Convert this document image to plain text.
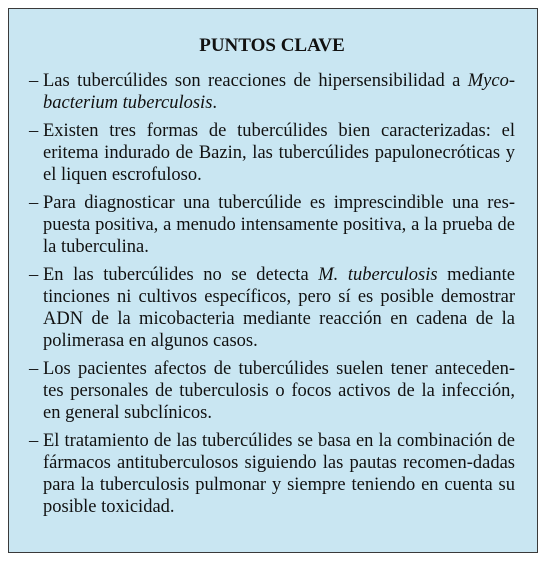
PUNTOS CLAVE
– Las tubercúlides son reacciones de hipersensibilidad a Myco-bacterium tuberculosis.
– Existen tres formas de tubercúlides bien caracterizadas: el eritema indurado de Bazin, las tubercúlides papulonecróticas y el liquen escrofuloso.
– Para diagnosticar una tubercúlide es imprescindible una res-puesta positiva, a menudo intensamente positiva, a la prueba de la tuberculina.
– En las tubercúlides no se detecta M. tuberculosis mediante tinciones ni cultivos específicos, pero sí es posible demostrar ADN de la micobacteria mediante reacción en cadena de la polimerasa en algunos casos.
– Los pacientes afectos de tubercúlides suelen tener anteceden-tes personales de tuberculosis o focos activos de la infección, en general subclínicos.
– El tratamiento de las tubercúlides se basa en la combinación de fármacos antituberculosos siguiendo las pautas recomen-dadas para la tuberculosis pulmonar y siempre teniendo en cuenta su posible toxicidad.
